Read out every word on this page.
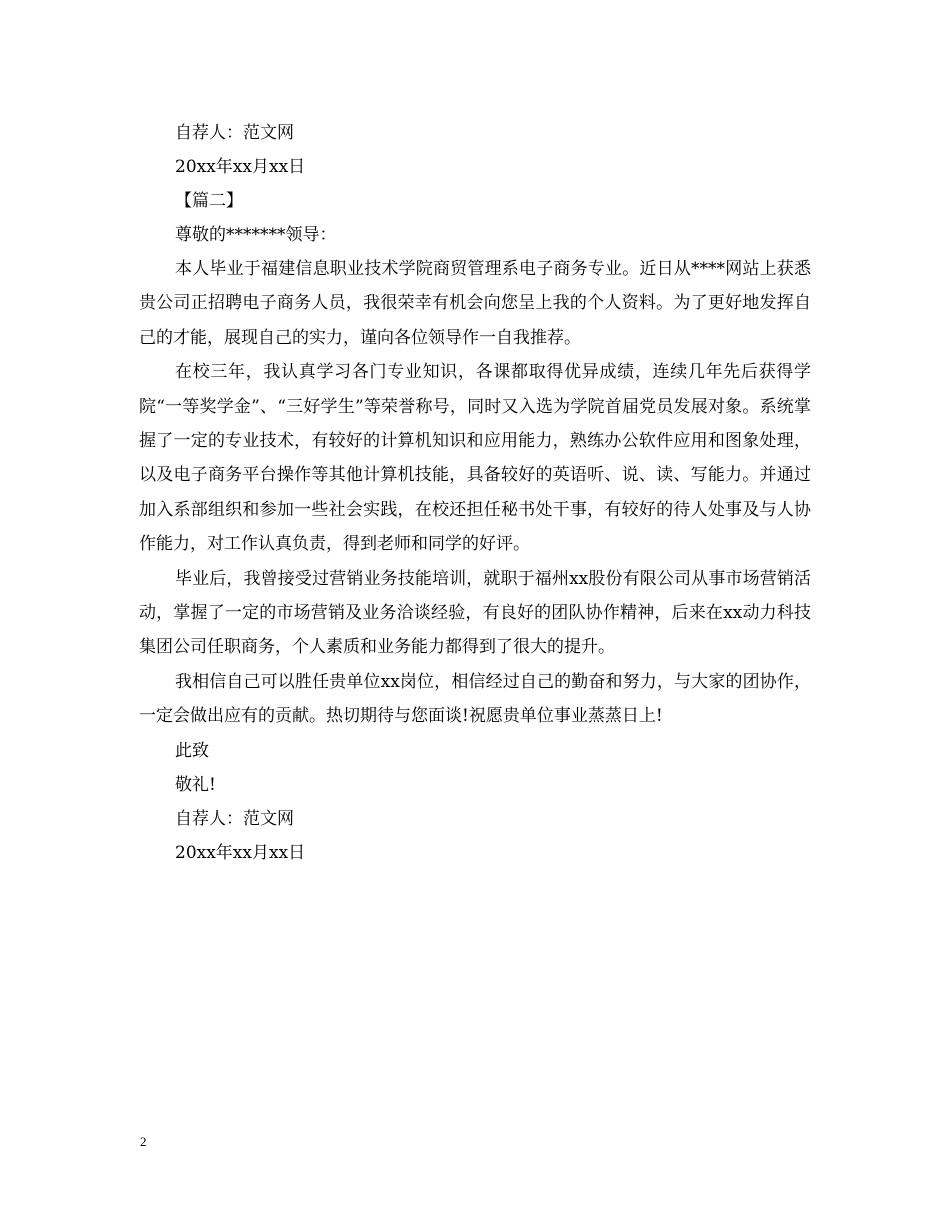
自荐人：范文网

20xx年xx月xx日

【篇二】

尊敬的*******领导：

本人毕业于福建信息职业技术学院商贸管理系电子商务专业。近日从****网站上获悉贵公司正招聘电子商务人员，我很荣幸有机会向您呈上我的个人资料。为了更好地发挥自己的才能，展现自己的实力，谨向各位领导作一自我推荐。

在校三年，我认真学习各门专业知识，各课都取得优异成绩，连续几年先后获得学院“一等奖学金”、“三好学生”等荣誉称号，同时又入选为学院首届党员发展对象。系统掌握了一定的专业技术，有较好的计算机知识和应用能力，熟练办公软件应用和图象处理，以及电子商务平台操作等其他计算机技能，具备较好的英语听、说、读、写能力。并通过加入系部组织和参加一些社会实践，在校还担任秘书处干事，有较好的待人处事及与人协作能力，对工作认真负责，得到老师和同学的好评。

毕业后，我曾接受过营销业务技能培训，就职于福州xx股份有限公司从事市场营销活动，掌握了一定的市场营销及业务洽谈经验，有良好的团队协作精神，后来在xx动力科技集团公司任职商务，个人素质和业务能力都得到了很大的提升。

我相信自己可以胜任贵单位xx岗位，相信经过自己的勤奋和努力，与大家的团协作，一定会做出应有的贡献。热切期待与您面谈!祝愿贵单位事业蒸蒸日上!

此致

敬礼!

自荐人：范文网

20xx年xx月xx日

2
